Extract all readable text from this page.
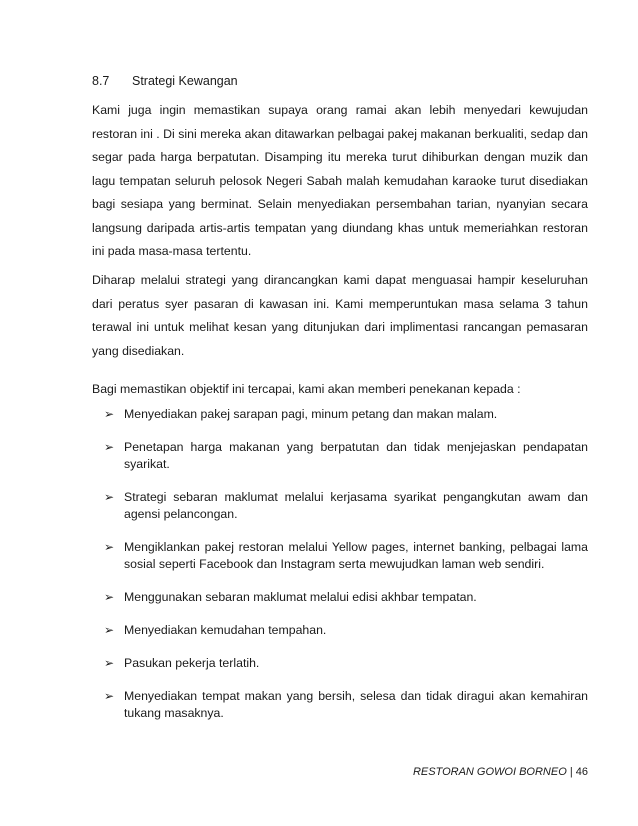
8.7 Strategi Kewangan

Kami juga ingin memastikan supaya orang ramai akan lebih menyedari kewujudan restoran ini . Di sini mereka akan ditawarkan pelbagai pakej makanan berkualiti, sedap dan segar pada harga berpatutan. Disamping itu mereka turut dihiburkan dengan muzik dan lagu tempatan seluruh pelosok Negeri Sabah malah kemudahan karaoke turut disediakan bagi sesiapa yang berminat. Selain menyediakan persembahan tarian, nyanyian secara langsung daripada artis-artis tempatan yang diundang khas untuk memeriahkan restoran ini pada masa-masa tertentu.

Diharap melalui strategi yang dirancangkan kami dapat menguasai hampir keseluruhan dari peratus syer pasaran di kawasan ini. Kami memperuntukan masa selama 3 tahun terawal ini untuk melihat kesan yang ditunjukan dari implimentasi rancangan pemasaran yang disediakan.

Bagi memastikan objektif ini tercapai, kami akan memberi penekanan kepada :

➢ Menyediakan pakej sarapan pagi, minum petang dan makan malam.
➢ Penetapan harga makanan yang berpatutan dan tidak menjejaskan pendapatan syarikat.
➢ Strategi sebaran maklumat melalui kerjasama syarikat pengangkutan awam dan agensi pelancongan.
➢ Mengiklankan pakej restoran melalui Yellow pages, internet banking, pelbagai lama sosial seperti Facebook dan Instagram serta mewujudkan laman web sendiri.
➢ Menggunakan sebaran maklumat melalui edisi akhbar tempatan.
➢ Menyediakan kemudahan tempahan.
➢ Pasukan pekerja terlatih.
➢ Menyediakan tempat makan yang bersih, selesa dan tidak diragui akan kemahiran tukang masaknya.
RESTORAN GOWOI BORNEO | 46
